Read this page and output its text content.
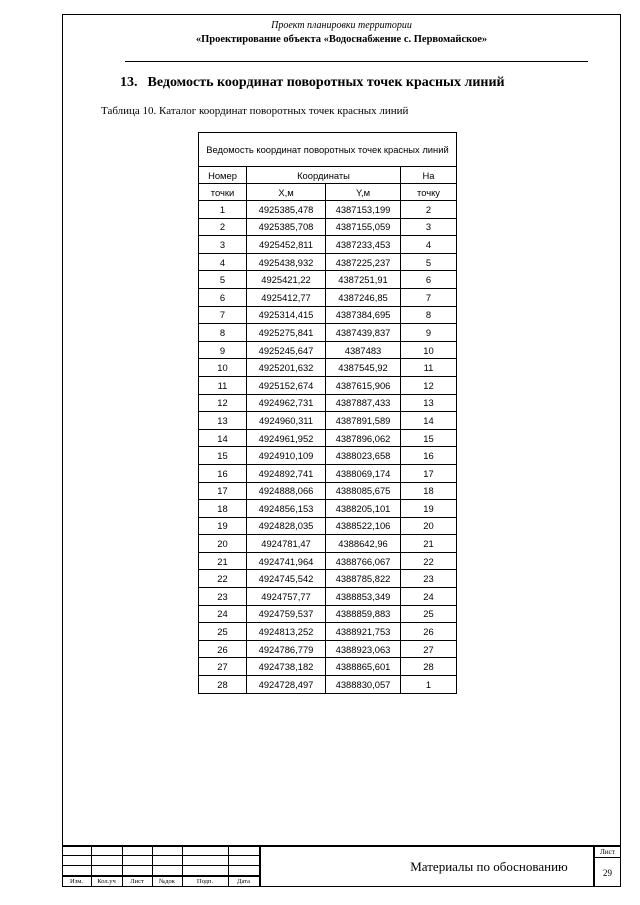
Проект планировки территории
«Проектирование объекта «Водоснабжение с. Первомайское»
13. Ведомость координат поворотных точек красных линий
Таблица 10. Каталог координат поворотных точек красных линий
Ведомость координат поворотных точек красных линий			
Номер	Координаты		На
точки	X,м	Y,м	точку
1	4925385,478	4387153,199	2
2	4925385,708	4387155,059	3
3	4925452,811	4387233,453	4
4	4925438,932	4387225,237	5
5	4925421,22	4387251,91	6
6	4925412,77	4387246,85	7
7	4925314,415	4387384,695	8
8	4925275,841	4387439,837	9
9	4925245,647	4387483	10
10	4925201,632	4387545,92	11
11	4925152,674	4387615,906	12
12	4924962,731	4387887,433	13
13	4924960,311	4387891,589	14
14	4924961,952	4387896,062	15
15	4924910,109	4388023,658	16
16	4924892,741	4388069,174	17
17	4924888,066	4388085,675	18
18	4924856,153	4388205,101	19
19	4924828,035	4388522,106	20
20	4924781,47	4388642,96	21
21	4924741,964	4388766,067	22
22	4924745,542	4388785,822	23
23	4924757,77	4388853,349	24
24	4924759,537	4388859,883	25
25	4924813,252	4388921,753	26
26	4924786,779	4388923,063	27
27	4924738,182	4388865,601	28
28	4924728,497	4388830,057	1
Изм.	Кол.уч	Лист	№док	Подп.	Дата
Материалы по обоснованию
Лист
29
